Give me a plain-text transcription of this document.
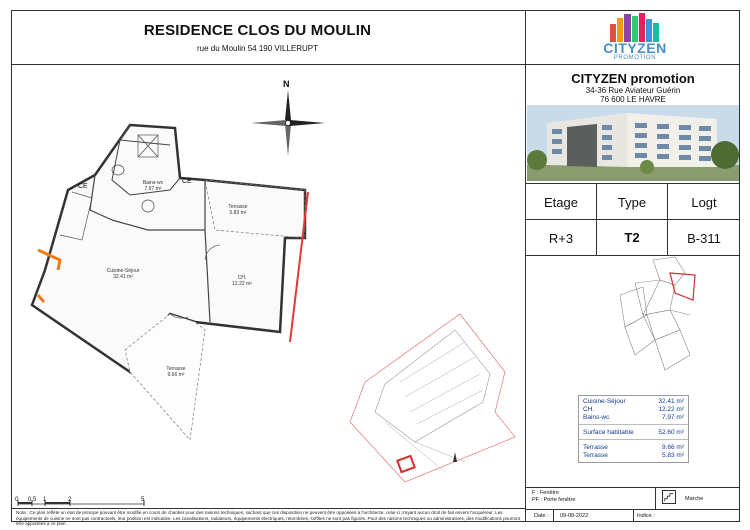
RESIDENCE CLOS DU MOULIN
rue du Moulin 54 190 VILLERUPT	CITYZEN
PROMOTION
CITYZEN promotion
34-36 Rue Aviateur Guérin
76 600 LE HAVRE
Etage	Type	Logt
R+3	T2	B-311
N
CE
CE
Bains-wc
7.97 m²
Terrasse
5.83 m²
Cuisine-Séjour
32.41 m²	CH.
12.22 m²
Terrasse
9.66 m²
Cuisine-Séjour	32.41 m²
CH.	12.22 m²
Bains-wc	7.97 m²
Surface habitable	52.60 m²
Terrasse	9.66 m²
Terrasse	5.83 m²
F : Fenêtre
PF : Porte fenêtre	Marche
Date : 09-08-2022	Indice :
0 0.5 1	2	5
Nota : Ce plan reflète un état de principe pouvant être modifié en cours de chantier pour des raisons techniques, sachant que ces disposition ne peuvent être opposées à l'architecte, celui-ci n'ayant aucun droit de fait envers l'acquéreur. Les équipements de cuisine ne sont pas contractuels, leur position est indicative. Les canalisations, radiateurs, équipements électriques, retombées, soffites ne sont pas figurés. Pour des raisons techniques ou administratives, des modifications pourront être apportées à ce plan.
